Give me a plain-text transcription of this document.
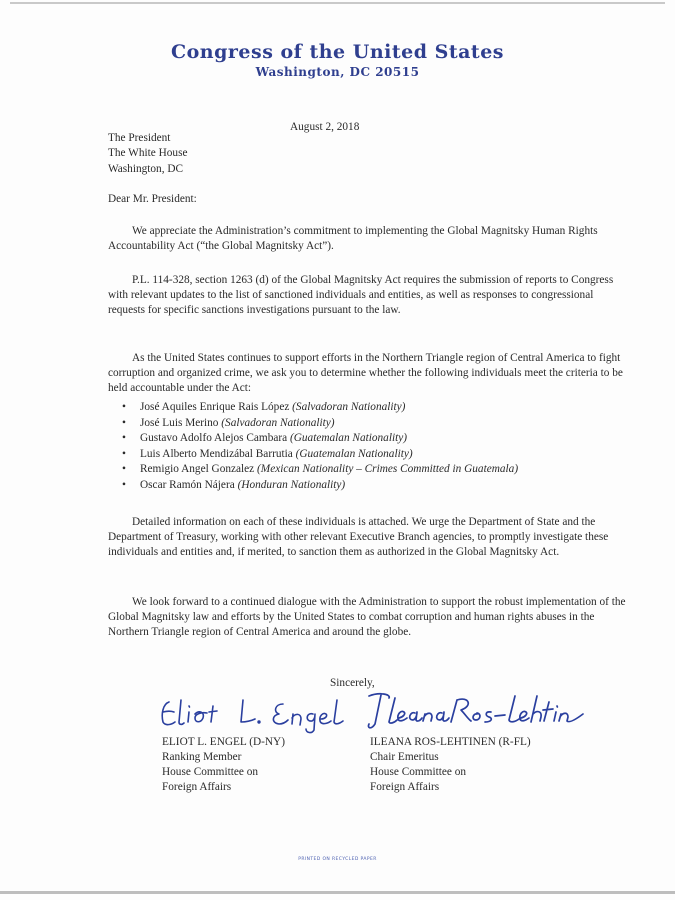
Congress of the United States
Washington, DC 20515
August 2, 2018
The President
The White House
Washington, DC
Dear Mr. President:
We appreciate the Administration’s commitment to implementing the Global Magnitsky Human Rights Accountability Act (“the Global Magnitsky Act”).
P.L. 114-328, section 1263 (d) of the Global Magnitsky Act requires the submission of reports to Congress with relevant updates to the list of sanctioned individuals and entities, as well as responses to congressional requests for specific sanctions investigations pursuant to the law.
As the United States continues to support efforts in the Northern Triangle region of Central America to fight corruption and organized crime, we ask you to determine whether the following individuals meet the criteria to be held accountable under the Act:
• José Aquiles Enrique Rais López (Salvadoran Nationality)
• José Luis Merino (Salvadoran Nationality)
• Gustavo Adolfo Alejos Cambara (Guatemalan Nationality)
• Luis Alberto Mendizábal Barrutia (Guatemalan Nationality)
• Remigio Angel Gonzalez (Mexican Nationality – Crimes Committed in Guatemala)
• Oscar Ramón Nájera (Honduran Nationality)
Detailed information on each of these individuals is attached. We urge the Department of State and the Department of Treasury, working with other relevant Executive Branch agencies, to promptly investigate these individuals and entities and, if merited, to sanction them as authorized in the Global Magnitsky Act.
We look forward to a continued dialogue with the Administration to support the robust implementation of the Global Magnitsky law and efforts by the United States to combat corruption and human rights abuses in the Northern Triangle region of Central America and around the globe.
Sincerely,
ELIOT L. ENGEL (D-NY)
Ranking Member
House Committee on
Foreign Affairs
ILEANA ROS-LEHTINEN (R-FL)
Chair Emeritus
House Committee on
Foreign Affairs
PRINTED ON RECYCLED PAPER
